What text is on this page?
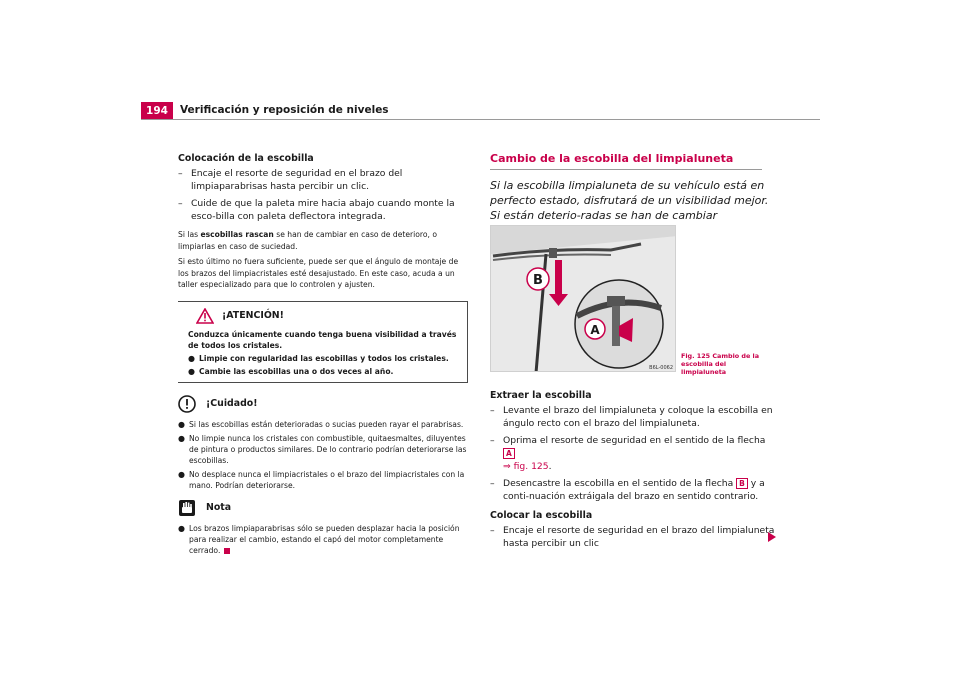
194	Verificación y reposición de niveles
Colocación de la escobilla
– Encaje el resorte de seguridad en el brazo del limpiaparabrisas hasta percibir un clic.
– Cuide de que la paleta mire hacia abajo cuando monte la esco-billa con paleta deflectora integrada.

Si las escobillas rascan se han de cambiar en caso de deterioro, o limpiarlas en caso de suciedad.

Si esto último no fuera suficiente, puede ser que el ángulo de montaje de los brazos del limpiacristales esté desajustado. En este caso, acuda a un taller especializado para que lo controlen y ajusten.

¡ATENCIÓN!
Conduzca únicamente cuando tenga buena visibilidad a través de todos los cristales.
● Limpie con regularidad las escobillas y todos los cristales.
● Cambie las escobillas una o dos veces al año.
¡Cuidado!
● Si las escobillas están deterioradas o sucias pueden rayar el parabrisas.
● No limpie nunca los cristales con combustible, quitaesmaltes, diluyentes de pintura o productos similares. De lo contrario podrían deteriorarse las escobillas.
● No desplace nunca el limpiacristales o el brazo del limpiacristales con la mano. Podrían deteriorarse.
Nota
● Los brazos limpiaparabrisas sólo se pueden desplazar hacia la posición para realizar el cambio, estando el capó del motor completamente cerrado.
Cambio de la escobilla del limpialuneta
Si la escobilla limpialuneta de su vehículo está en perfecto estado, disfrutará de un visibilidad mejor. Si están deterio-radas se han de cambiar
B
A
B6L-0062
Fig. 125 Cambio de la escobilla del limpialuneta
Extraer la escobilla
– Levante el brazo del limpialuneta y coloque la escobilla en ángulo recto con el brazo del limpialuneta.
– Oprima el resorte de seguridad en el sentido de la flecha A
⇒ fig. 125.
– Desencastre la escobilla en el sentido de la flecha B y a conti-nuación extráigala del brazo en sentido contrario.
Colocar la escobilla
– Encaje el resorte de seguridad en el brazo del limpialuneta hasta percibir un clic
